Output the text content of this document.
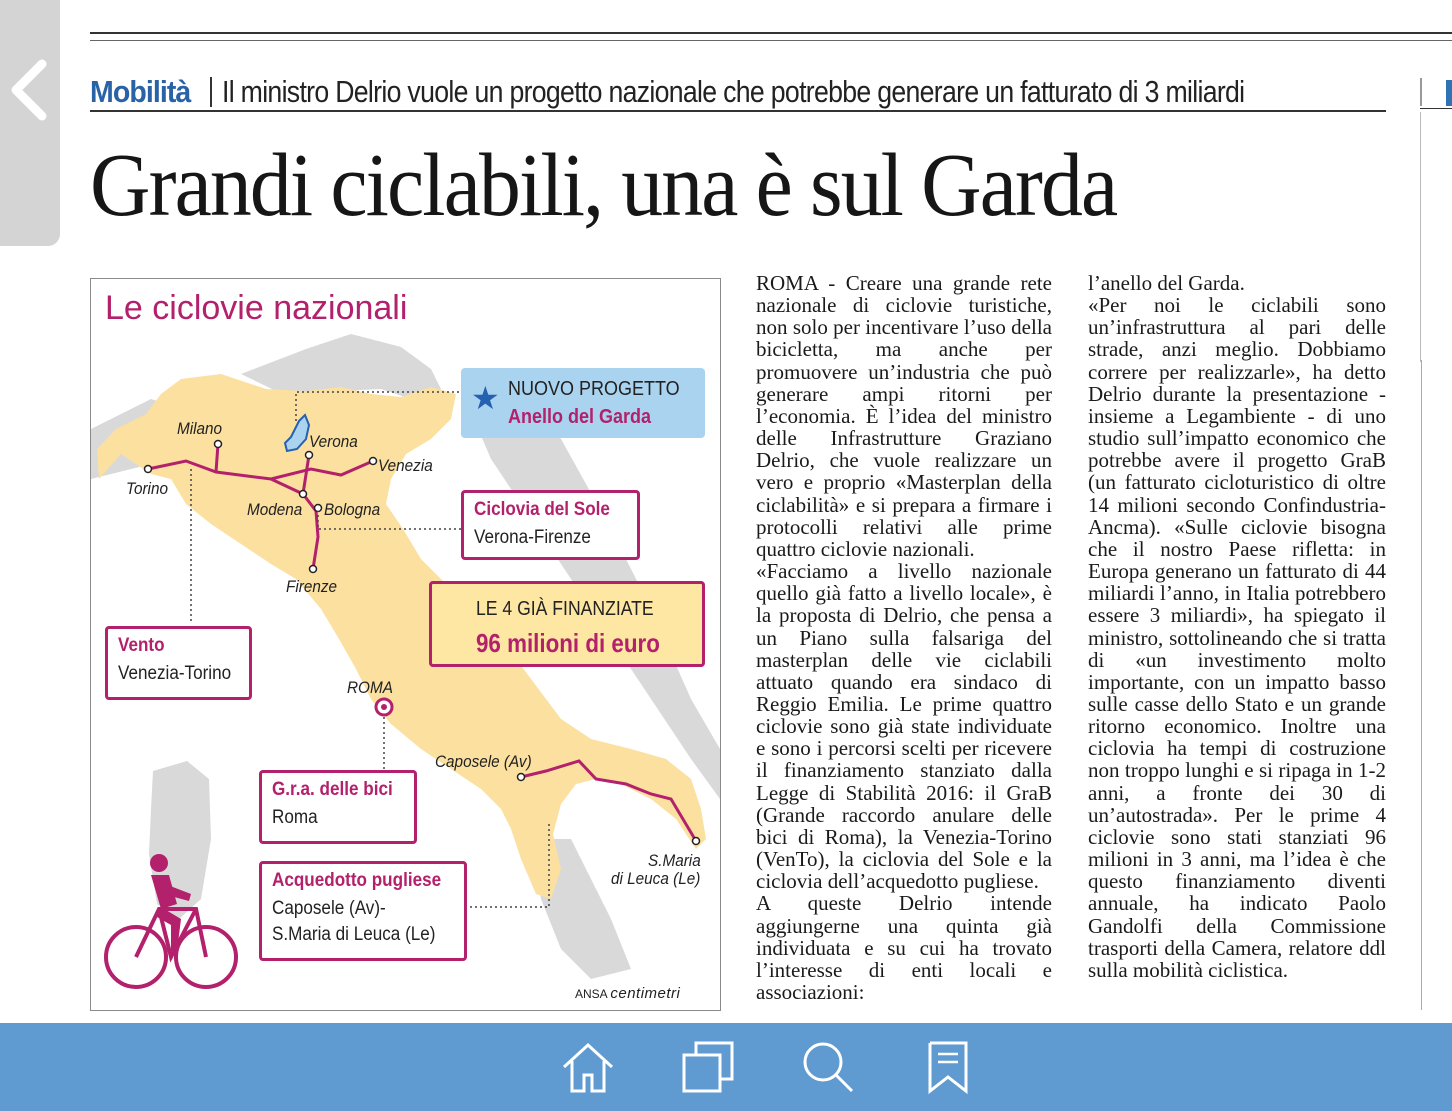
Mobilità Il ministro Delrio vuole un progetto nazionale che potrebbe generare un fatturato di 3 miliardi
Grandi ciclabili, una è sul Garda
Le ciclovie nazionali
★ NUOVO PROGETTO
Anello del Garda
Ciclovia del Sole
Verona-Firenze
LE 4 GIÀ FINANZIATE
96 milioni di euro
Vento
Venezia-Torino
G.r.a. delle bici
Roma
Acquedotto pugliese
Caposele (Av)-
S.Maria di Leuca (Le)
Milano
Torino
Verona
Venezia
Modena Bologna
Firenze
ROMA
Caposele (Av)
S.Maria
di Leuca (Le)
ANSA centimetri

ROMA - Creare una grande rete nazionale di ciclovie turistiche, non solo per incentivare l’uso della bicicletta, ma anche per promuovere un’industria che può generare ampi ritorni per l’economia. È l’idea del ministro delle Infrastrutture Graziano Delrio, che vuole realizzare un vero e proprio «Masterplan della ciclabilità» e si prepara a firmare i protocolli relativi alle prime quattro ciclovie nazionali.

«Facciamo a livello nazionale quello già fatto a livello locale», è la proposta di Delrio, che pensa a un Piano sulla falsariga del masterplan delle vie ciclabili attuato quando era sindaco di Reggio Emilia. Le prime quattro ciclovie sono già state individuate e sono i percorsi scelti per ricevere il finanziamento stanziato dalla Legge di Stabilità 2016: il GraB (Grande raccordo anulare delle bici di Roma), la Venezia-Torino (VenTo), la ciclovia del Sole e la ciclovia dell’acquedotto pugliese.

A queste Delrio intende aggiungerne una quinta già individuata e su cui ha trovato l’interesse di enti locali e associazioni:

l’anello del Garda.

«Per noi le ciclabili sono un’infrastruttura al pari delle strade, anzi meglio. Dobbiamo correre per realizzarle», ha detto Delrio durante la presentazione - insieme a Legambiente - di uno studio sull’impatto economico che potrebbe avere il progetto GraB (un fatturato cicloturistico di oltre 14 milioni secondo Confindustria-Ancma). «Sulle ciclovie bisogna che il nostro Paese rifletta: in Europa generano un fatturato di 44 miliardi l’anno, in Italia potrebbero essere 3 miliardi», ha spiegato il ministro, sottolineando che si tratta di «un investimento molto importante, con un impatto basso sulle casse dello Stato e un grande ritorno economico. Inoltre una ciclovia ha tempi di costruzione non troppo lunghi e si ripaga in 1-2 anni, a fronte dei 30 di un’autostrada». Per le prime 4 ciclovie sono stati stanziati 96 milioni in 3 anni, ma l’idea è che questo finanziamento diventi annuale, ha indicato Paolo Gandolfi della Commissione trasporti della Camera, relatore ddl sulla mobilità ciclistica.
